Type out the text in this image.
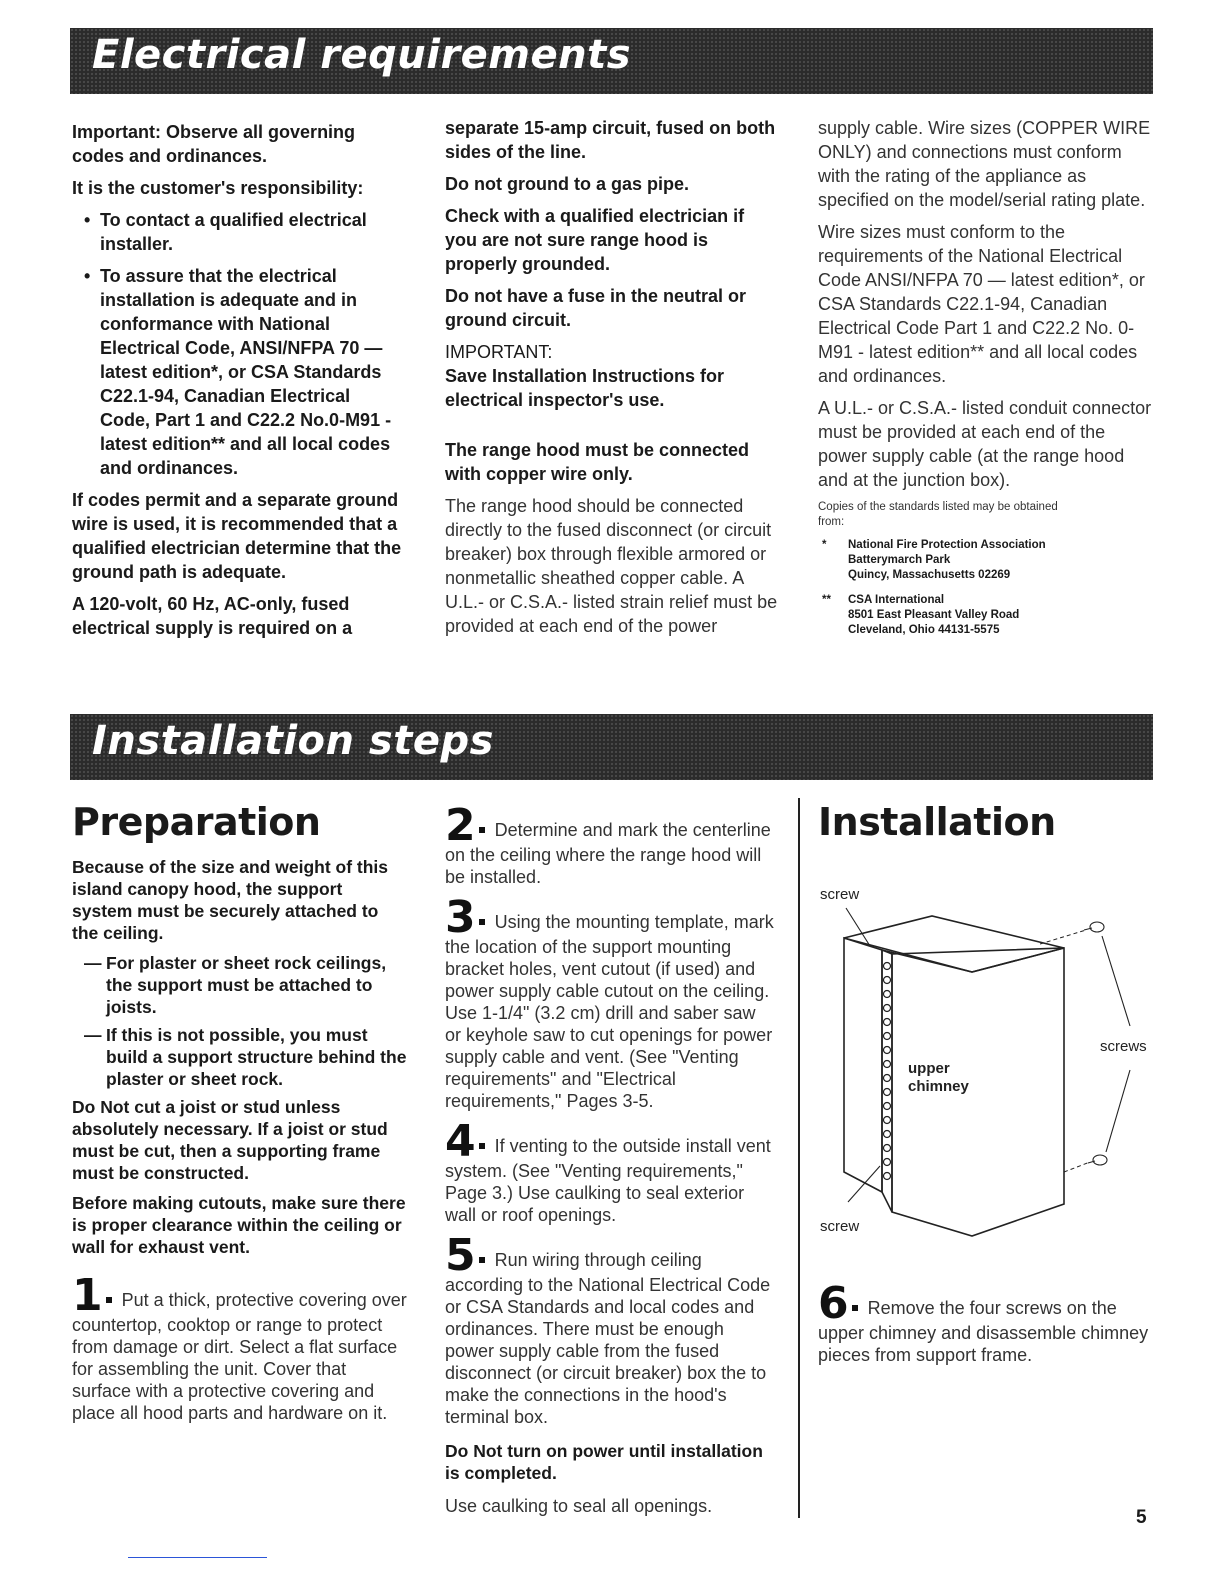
Electrical requirements

Important: Observe all governing codes and ordinances.

It is the customer's responsibility:

• To contact a qualified electrical installer.
• To assure that the electrical installation is adequate and in conformance with National Electrical Code, ANSI/NFPA 70 — latest edition*, or CSA Standards C22.1-94, Canadian Electrical Code, Part 1 and C22.2 No.0-M91 - latest edition** and all local codes and ordinances.

If codes permit and a separate ground wire is used, it is recommended that a qualified electrician determine that the ground path is adequate.

A 120-volt, 60 Hz, AC-only, fused electrical supply is required on a

separate 15-amp circuit, fused on both sides of the line.

Do not ground to a gas pipe.

Check with a qualified electrician if you are not sure range hood is properly grounded.

Do not have a fuse in the neutral or ground circuit.

IMPORTANT:

Save Installation Instructions for electrical inspector's use.

The range hood must be connected with copper wire only.

The range hood should be connected directly to the fused disconnect (or circuit breaker) box through flexible armored or nonmetallic sheathed copper cable. A U.L.- or C.S.A.- listed strain relief must be provided at each end of the power

supply cable. Wire sizes (COPPER WIRE ONLY) and connections must conform with the rating of the appliance as specified on the model/serial rating plate.

Wire sizes must conform to the requirements of the National Electrical Code ANSI/NFPA 70 — latest edition*, or CSA Standards C22.1-94, Canadian Electrical Code Part 1 and C22.2 No. 0-M91 - latest edition** and all local codes and ordinances.

A U.L.- or C.S.A.- listed conduit connector must be provided at each end of the power supply cable (at the range hood and at the junction box).

Copies of the standards listed may be obtained from:

* National Fire Protection Association
Batterymarch Park
Quincy, Massachusetts 02269
** CSA International
8501 East Pleasant Valley Road
Cleveland, Ohio 44131-5575
Installation steps
Preparation

Because of the size and weight of this island canopy hood, the support system must be securely attached to the ceiling.

— For plaster or sheet rock ceilings, the support must be attached to joists.
— If this is not possible, you must build a support structure behind the plaster or sheet rock.

Do Not cut a joist or stud unless absolutely necessary. If a joist or stud must be cut, then a supporting frame must be constructed.

Before making cutouts, make sure there is proper clearance within the ceiling or wall for exhaust vent.

1 Put a thick, protective covering over countertop, cooktop or range to protect from damage or dirt. Select a flat surface for assembling the unit. Cover that surface with a protective covering and place all hood parts and hardware on it.
2 Determine and mark the centerline on the ceiling where the range hood will be installed.
3 Using the mounting template, mark the location of the support mounting bracket holes, vent cutout (if used) and power supply cable cutout on the ceiling. Use 1-1/4" (3.2 cm) drill and saber saw or keyhole saw to cut openings for power supply cable and vent. (See "Venting requirements" and "Electrical requirements," Pages 3-5.
4 If venting to the outside install vent system. (See "Venting requirements," Page 3.) Use caulking to seal exterior wall or roof openings.
5 Run wiring through ceiling according to the National Electrical Code or CSA Standards and local codes and ordinances. There must be enough power supply cable from the fused disconnect (or circuit breaker) box the to make the connections in the hood's terminal box.

Do Not turn on power until installation is completed.

Use caulking to seal all openings.

Installation
screw
screws
upper chimney
screw
6 Remove the four screws on the upper chimney and disassemble chimney pieces from support frame.
5
